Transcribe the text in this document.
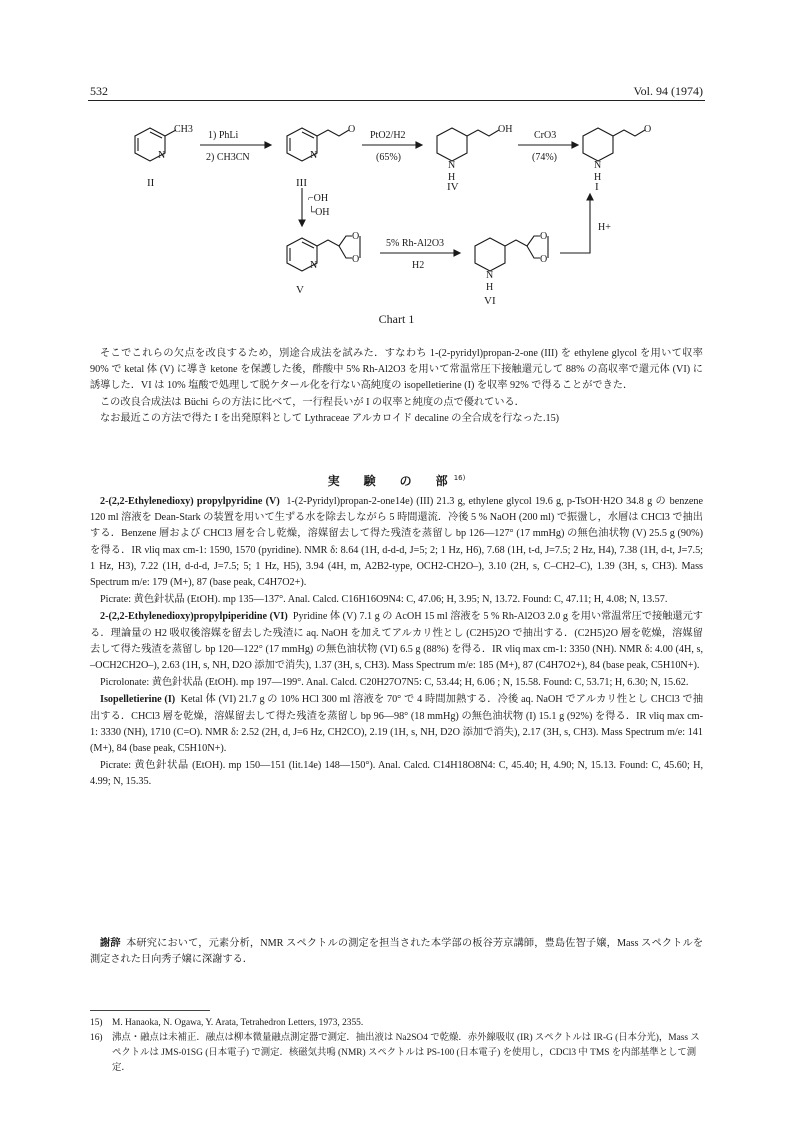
532	Vol. 94 (1974)
CH3
N
II
N
O
III
N
H
OH
IV
N
H
O
I
N
O
O
V
N
H
O
O
VI
1) PhLi
2) CH3CN
PtO2/H2
(65%)
CrO3
(74%)
⌐OH
└OH
5% Rh-Al2O3
H2
H+
Chart 1

そこでこれらの欠点を改良するため，別途合成法を試みた．すなわち 1-(2-pyridyl)propan-2-one (III) を ethylene glycol を用いて収率 90% で ketal 体 (V) に導き ketone を保護した後，酢酸中 5% Rh-Al2O3 を用いて常温常圧下接触還元して 88% の高収率で還元体 (VI) に誘導した．VI は 10% 塩酸で処理して脱ケタール化を行ない高純度の isopelletierine (I) を収率 92% で得ることができた．

この改良合成法は Büchi らの方法に比べて，一行程長いが I の収率と純度の点で優れている．

なお最近この方法で得た I を出発原料として Lythraceae アルカロイド decaline の全合成を行なった.15)

実　験　の　部$^{16)}$

2-(2,2-Ethylenedioxy) propylpyridine (V) 1-(2-Pyridyl)propan-2-one14e) (III) 21.3 g, ethylene glycol 19.6 g, p-TsOH·H2O 34.8 g の benzene 120 ml 溶液を Dean-Stark の装置を用いて生ずる水を除去しながら 5 時間還流．冷後 5 % NaOH (200 ml) で振盪し，水層は CHCl3 で抽出する．Benzene 層および CHCl3 層を合し乾燥，溶媒留去して得た残渣を蒸留し bp 126—127° (17 mmHg) の無色油状物 (V) 25.5 g (90%) を得る．IR νliq max cm-1: 1590, 1570 (pyridine). NMR δ: 8.64 (1H, d-d-d, J=5; 2; 1 Hz, H6), 7.68 (1H, t-d, J=7.5; 2 Hz, H4), 7.38 (1H, d-t, J=7.5; 1 Hz, H3), 7.22 (1H, d-d-d, J=7.5; 5; 1 Hz, H5), 3.94 (4H, m, A2B2-type, OCH2-CH2O–), 3.10 (2H, s, C–CH2–C), 1.39 (3H, s, CH3). Mass Spectrum m/e: 179 (M+), 87 (base peak, C4H7O2+).

Picrate: 黄色針状晶 (EtOH). mp 135—137°. Anal. Calcd. C16H16O9N4: C, 47.06; H, 3.95; N, 13.72. Found: C, 47.11; H, 4.08; N, 13.57.

2-(2,2-Ethylenedioxy)propylpiperidine (VI) Pyridine 体 (V) 7.1 g の AcOH 15 ml 溶液を 5 % Rh-Al2O3 2.0 g を用い常温常圧で接触還元する．理論量の H2 吸収後溶媒を留去した残渣に aq. NaOH を加えてアルカリ性とし (C2H5)2O で抽出する．(C2H5)2O 層を乾燥，溶媒留去して得た残渣を蒸留し bp 120—122° (17 mmHg) の無色油状物 (VI) 6.5 g (88%) を得る．IR νliq max cm-1: 3350 (NH). NMR δ: 4.00 (4H, s, –OCH2CH2O–), 2.63 (1H, s, NH, D2O 添加で消失), 1.37 (3H, s, CH3). Mass Spectrum m/e: 185 (M+), 87 (C4H7O2+), 84 (base peak, C5H10N+).

Picrolonate: 黄色針状晶 (EtOH). mp 197—199°. Anal. Calcd. C20H27O7N5: C, 53.44; H, 6.06 ; N, 15.58. Found: C, 53.71; H, 6.30; N, 15.62.

Isopelletierine (I) Ketal 体 (VI) 21.7 g の 10% HCl 300 ml 溶液を 70° で 4 時間加熱する．冷後 aq. NaOH でアルカリ性とし CHCl3 で抽出する．CHCl3 層を乾燥，溶媒留去して得た残渣を蒸留し bp 96—98° (18 mmHg) の無色油状物 (I) 15.1 g (92%) を得る．IR νliq max cm-1: 3330 (NH), 1710 (C=O). NMR δ: 2.52 (2H, d, J=6 Hz, CH2CO), 2.19 (1H, s, NH, D2O 添加で消失), 2.17 (3H, s, CH3). Mass Spectrum m/e: 141 (M+), 84 (base peak, C5H10N+).

Picrate: 黄色針状晶 (EtOH). mp 150—151 (lit.14e) 148—150°). Anal. Calcd. C14H18O8N4: C, 45.40; H, 4.90; N, 15.13. Found: C, 45.60; H, 4.99; N, 15.35.

謝辞 本研究において，元素分析，NMR スペクトルの測定を担当された本学部の板谷芳京講師，豊島佐智子嬢，Mass スペクトルを測定された日向秀子嬢に深謝する．

15)	M. Hanaoka, N. Ogawa, Y. Arata, Tetrahedron Letters, 1973, 2355.
16)	沸点・融点は未補正．融点は柳本微量融点測定器で測定．抽出液は Na2SO4 で乾燥．赤外線吸収 (IR) スペクトルは IR-G (日本分光)，Mass スペクトルは JMS-01SG (日本電子) で測定．核磁気共鳴 (NMR) スペクトルは PS-100 (日本電子) を使用し，CDCl3 中 TMS を内部基準として測定．
